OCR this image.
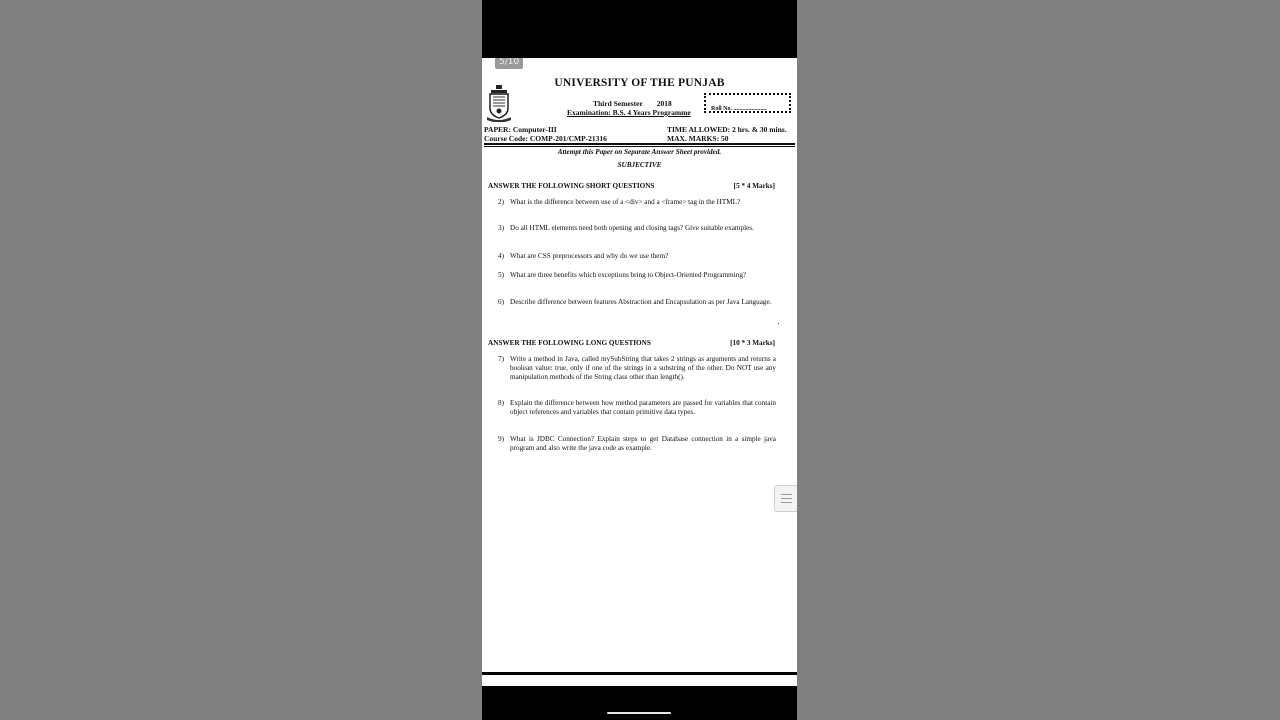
5/10
UNIVERSITY OF THE PUNJAB
Third Semester 2018
Examination: B.S. 4 Years Programme	Roll No. ......................
PAPER: Computer-III
Course Code: COMP-201/CMP-21316
TIME ALLOWED: 2 hrs. & 30 mins.
MAX. MARKS: 50
Attempt this Paper on Separate Answer Sheet provided.
SUBJECTIVE
ANSWER THE FOLLOWING SHORT QUESTIONS	[5 * 4 Marks]
2) What is the difference between use of a <div> and a <frame> tag in the HTML?
3) Do all HTML elements need both opening and closing tags? Give suitable examples.
4) What are CSS preprocessors and why do we use them?
5) What are three benefits which exceptions bring to Object-Oriented Programming?
6) Describe difference between features Abstraction and Encapsulation as per Java Language.
ANSWER THE FOLLOWING LONG QUESTIONS	[10 * 3 Marks]
7) Write a method in Java, called mySubString that takes 2 strings as arguments and returns a boolean value: true, only if one of the strings in a substring of the other. Do NOT use any manipulation methods of the String class other than length().
8) Explain the difference between how method parameters are passed for variables that contain object references and variables that contain primitive data types.
9) What is JDBC Connection? Explain steps to get Database connection in a simple java program and also write the java code as example.
